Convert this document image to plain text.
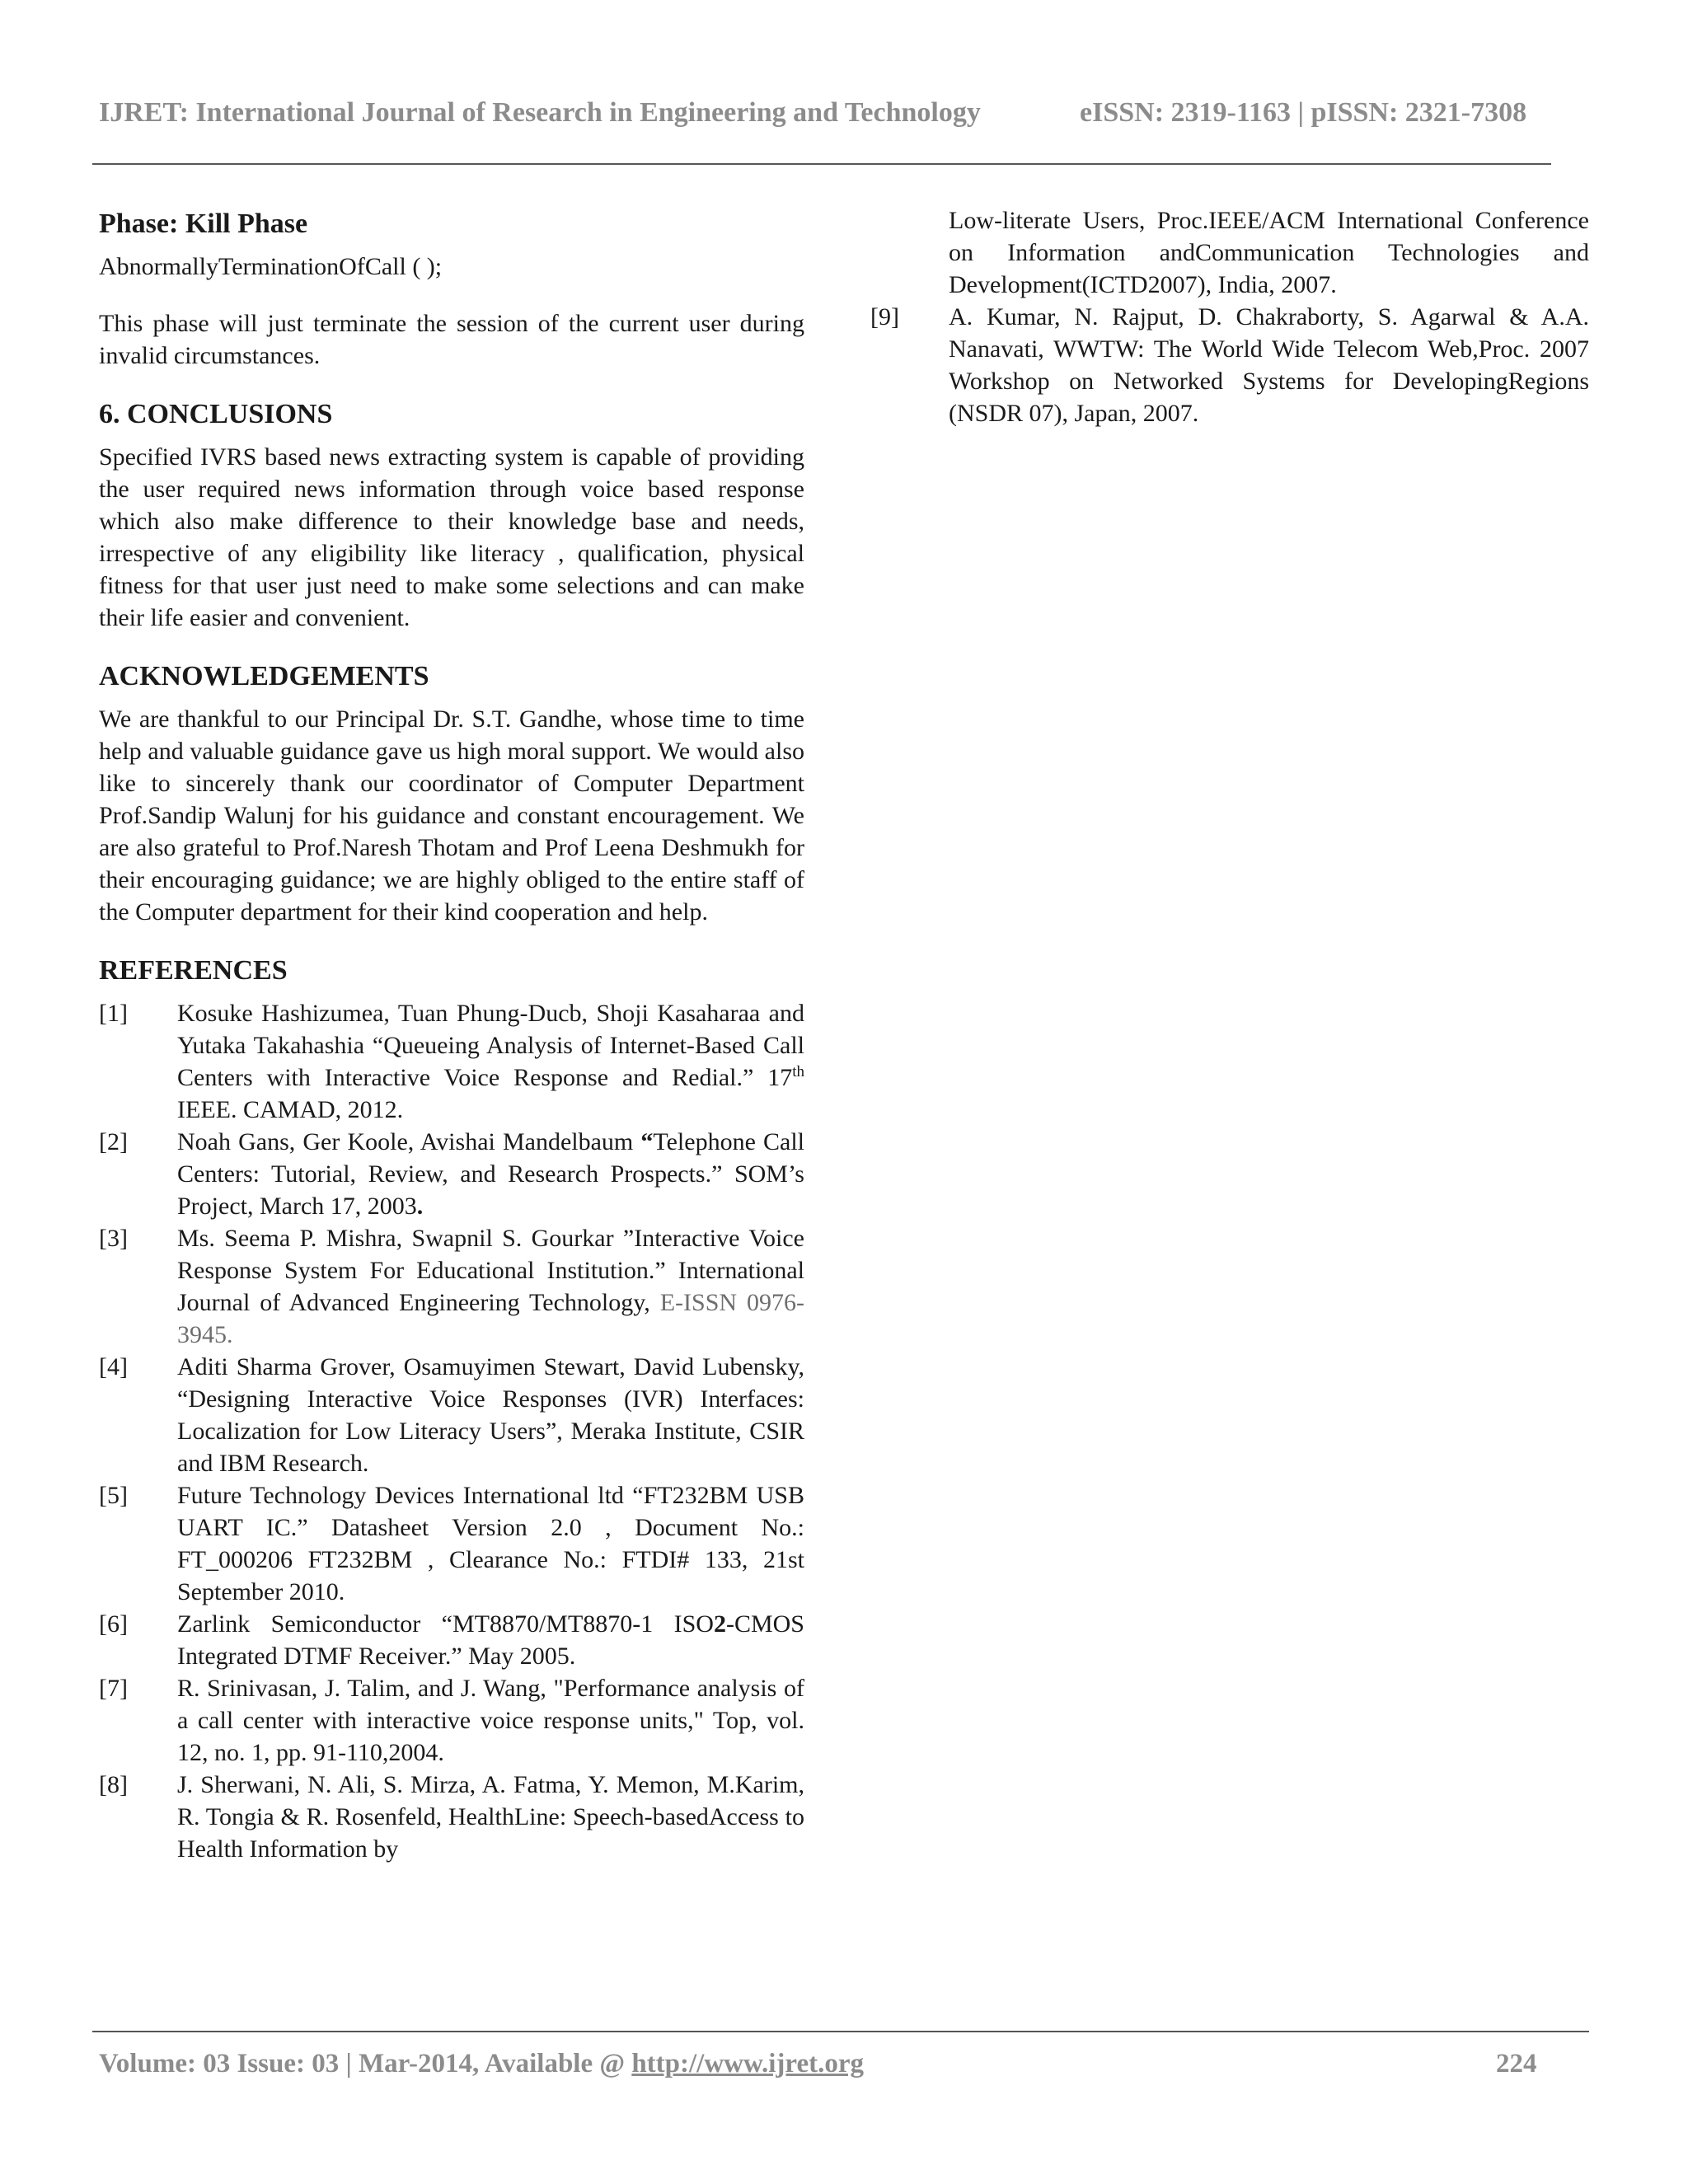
IJRET: International Journal of Research in Engineering and Technology	eISSN: 2319-1163 | pISSN: 2321-7308
Phase: Kill Phase

AbnormallyTerminationOfCall ( );

This phase will just terminate the session of the current user during invalid circumstances.

6. CONCLUSIONS

Specified IVRS based news extracting system is capable of providing the user required news information through voice based response which also make difference to their knowledge base and needs, irrespective of any eligibility like literacy , qualification, physical fitness for that user just need to make some selections and can make their life easier and convenient.

ACKNOWLEDGEMENTS

We are thankful to our Principal Dr. S.T. Gandhe, whose time to time help and valuable guidance gave us high moral support. We would also like to sincerely thank our coordinator of Computer Department Prof.Sandip Walunj for his guidance and constant encouragement. We are also grateful to Prof.Naresh Thotam and Prof Leena Deshmukh for their encouraging guidance; we are highly obliged to the entire staff of the Computer department for their kind cooperation and help.

REFERENCES
[1]	Kosuke Hashizumea, Tuan Phung-Ducb, Shoji Kasaharaa and Yutaka Takahashia “Queueing Analysis of Internet-Based Call Centers with Interactive Voice Response and Redial.” 17th IEEE. CAMAD, 2012.
[2]	Noah Gans, Ger Koole, Avishai Mandelbaum “Telephone Call Centers: Tutorial, Review, and Research Prospects.” SOM’s Project, March 17, 2003.
[3]	Ms. Seema P. Mishra, Swapnil S. Gourkar ”Interactive Voice Response System For Educational Institution.” International Journal of Advanced Engineering Technology, E-ISSN 0976-3945.
[4]	Aditi Sharma Grover, Osamuyimen Stewart, David Lubensky, “Designing Interactive Voice Responses (IVR) Interfaces: Localization for Low Literacy Users”, Meraka Institute, CSIR and IBM Research.
[5]	Future Technology Devices International ltd “FT232BM USB UART IC.” Datasheet Version 2.0 , Document No.: FT_000206 FT232BM , Clearance No.: FTDI# 133, 21st September 2010.
[6]	Zarlink Semiconductor “MT8870/MT8870-1 ISO2-CMOS Integrated DTMF Receiver.” May 2005.
[7]	R. Srinivasan, J. Talim, and J. Wang, "Performance analysis of a call center with interactive voice response units," Top, vol. 12, no. 1, pp. 91-110,2004.
[8]	J. Sherwani, N. Ali, S. Mirza, A. Fatma, Y. Memon, M.Karim, R. Tongia & R. Rosenfeld, HealthLine: Speech-basedAccess to Health Information by
Low-literate Users, Proc.IEEE/ACM International Conference on Information andCommunication Technologies and Development(ICTD2007), India, 2007.
[9]	A. Kumar, N. Rajput, D. Chakraborty, S. Agarwal & A.A. Nanavati, WWTW: The World Wide Telecom Web,Proc. 2007 Workshop on Networked Systems for DevelopingRegions (NSDR 07), Japan, 2007.
Volume: 03 Issue: 03 | Mar-2014, Available @ http://www.ijret.org	224
